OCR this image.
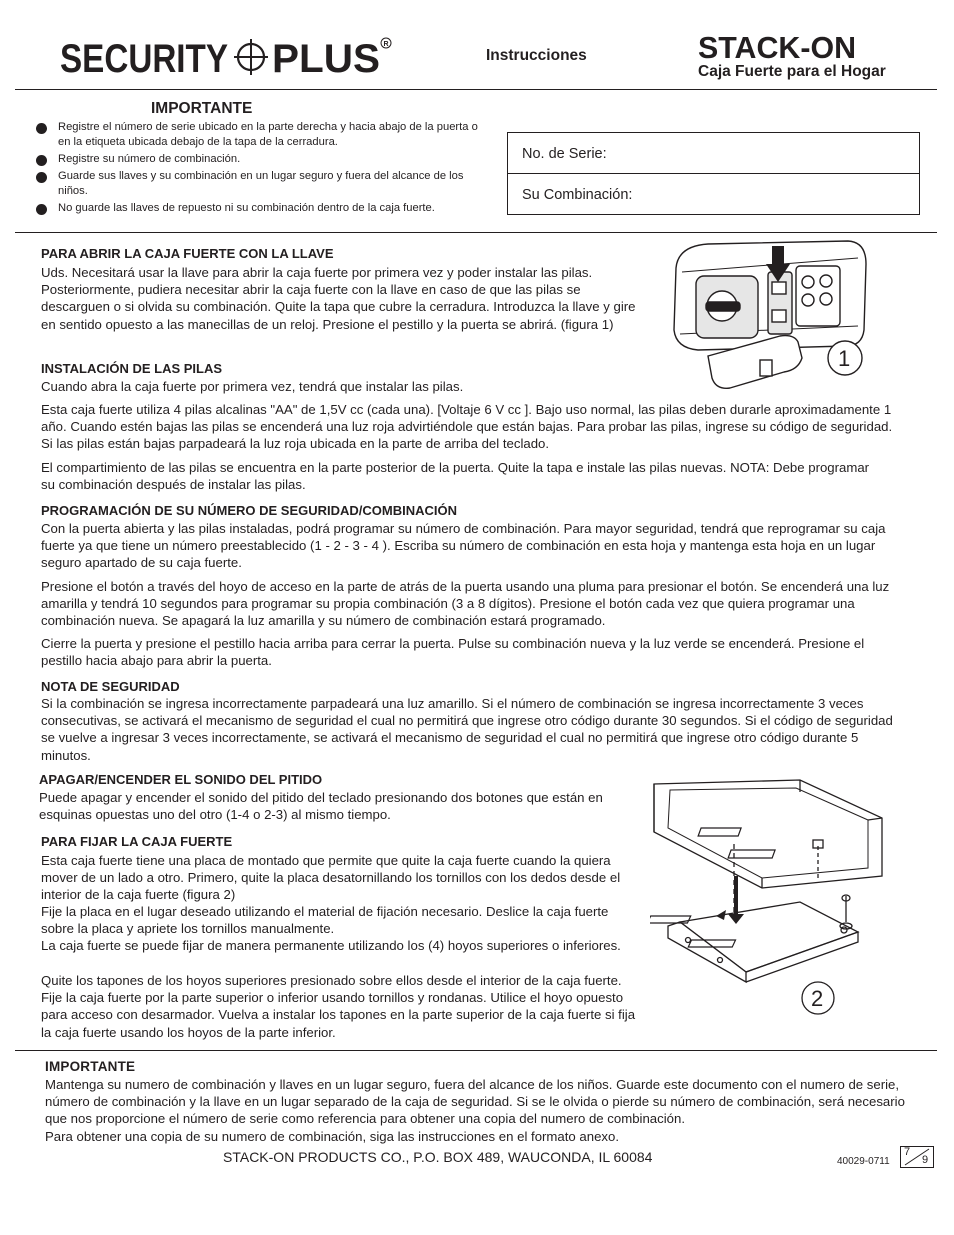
SECURITY PLUS R
Instrucciones	STACK-ON
Caja Fuerte para el Hogar
IMPORTANTE
Registre el número de serie ubicado en la parte derecha y hacia abajo de la puerta o en la etiqueta ubicada debajo de la tapa de la cerradura.
Registre su número de combinación.
Guarde sus llaves y su combinación en un lugar seguro y fuera del alcance de los niños.
No guarde las llaves de repuesto ni su combinación dentro de la caja fuerte.
No. de Serie:
Su Combinación:
1
PARA ABRIR LA CAJA FUERTE CON LA LLAVE

Uds. Necesitará usar la llave para abrir la caja fuerte por primera vez y poder instalar las pilas. Posteriormente, pudiera necesitar abrir la caja fuerte con la llave en caso de que las pilas se descarguen o si olvida su combinación. Quite la tapa que cubre la cerradura. Introduzca la llave y gire en sentido opuesto a las manecillas de un reloj. Presione el pestillo y la puerta se abrirá. (figura 1)

INSTALACIÓN DE LAS PILAS

Cuando abra la caja fuerte por primera vez, tendrá que instalar las pilas.

Esta caja fuerte utiliza 4 pilas alcalinas "AA" de 1,5V cc (cada una). [Voltaje 6 V cc ]. Bajo uso normal, las pilas deben durarle aproximadamente 1 año. Cuando estén bajas las pilas se encenderá una luz roja advirtiéndole que están bajas. Para probar las pilas, ingrese su código de seguridad. Si las pilas están bajas parpadeará la luz roja ubicada en la parte de arriba del teclado.

El compartimiento de las pilas se encuentra en la parte posterior de la puerta. Quite la tapa e instale las pilas nuevas. NOTA: Debe programar su combinación después de instalar las pilas.

PROGRAMACIÓN DE SU NÚMERO DE SEGURIDAD/COMBINACIÓN

Con la puerta abierta y las pilas instaladas, podrá programar su número de combinación. Para mayor seguridad, tendrá que reprogramar su caja fuerte ya que tiene un número preestablecido (1 - 2 - 3 - 4 ). Escriba su número de combinación en esta hoja y mantenga esta hoja en un lugar seguro apartado de su caja fuerte.

Presione el botón a través del hoyo de acceso en la parte de atrás de la puerta usando una pluma para presionar el botón. Se encenderá una luz amarilla y tendrá 10 segundos para programar su propia combinación (3 a 8 dígitos). Presione el botón cada vez que quiera programar una combinación nueva. Se apagará la luz amarilla y su número de combinación estará programado.

Cierre la puerta y presione el pestillo hacia arriba para cerrar la puerta. Pulse su combinación nueva y la luz verde se encenderá. Presione el pestillo hacia abajo para abrir la puerta.

NOTA DE SEGURIDAD

Si la combinación se ingresa incorrectamente parpadeará una luz amarillo. Si el número de combinación se ingresa incorrectamente 3 veces consecutivas, se activará el mecanismo de seguridad el cual no permitirá que ingrese otro código durante 30 segundos. Si el código de seguridad se vuelve a ingresar 3 veces incorrectamente, se activará el mecanismo de seguridad el cual no permitirá que ingrese otro código durante 5 minutos.

APAGAR/ENCENDER EL SONIDO DEL PITIDO

Puede apagar y encender el sonido del pitido del teclado presionando dos botones que están en esquinas opuestas uno del otro (1-4 o 2-3) al mismo tiempo.

PARA FIJAR LA CAJA FUERTE

Esta caja fuerte tiene una placa de montado que permite que quite la caja fuerte cuando la quiera mover de un lado a otro. Primero, quite la placa desatornillando los tornillos con los dedos desde el interior de la caja fuerte (figura 2)

Fije la placa en el lugar deseado utilizando el material de fijación necesario. Deslice la caja fuerte sobre la placa y apriete los tornillos manualmente.

La caja fuerte se puede fijar de manera permanente utilizando los (4) hoyos superiores o inferiores.

Quite los tapones de los hoyos superiores presionado sobre ellos desde el interior de la caja fuerte. Fije la caja fuerte por la parte superior o inferior usando tornillos y rondanas. Utilice el hoyo opuesto para acceso con desarmador. Vuelva a instalar los tapones en la parte superior de la caja fuerte si fija la caja fuerte usando los hoyos de la parte inferior.

2
IMPORTANTE

Mantenga su numero de combinación y llaves en un lugar seguro, fuera del alcance de los niños. Guarde este documento con el numero de serie, número de combinación y la llave en un lugar separado de la caja de seguridad. Si se le olvida o pierde su número de combinación, será necesario que nos proporcione el número de serie como referencia para obtener una copia del numero de combinación.

Para obtener una copia de su numero de combinación, siga las instrucciones en el formato anexo.

STACK-ON PRODUCTS CO., P.O. BOX 489, WAUCONDA, IL 60084	40029-0711
7
9
